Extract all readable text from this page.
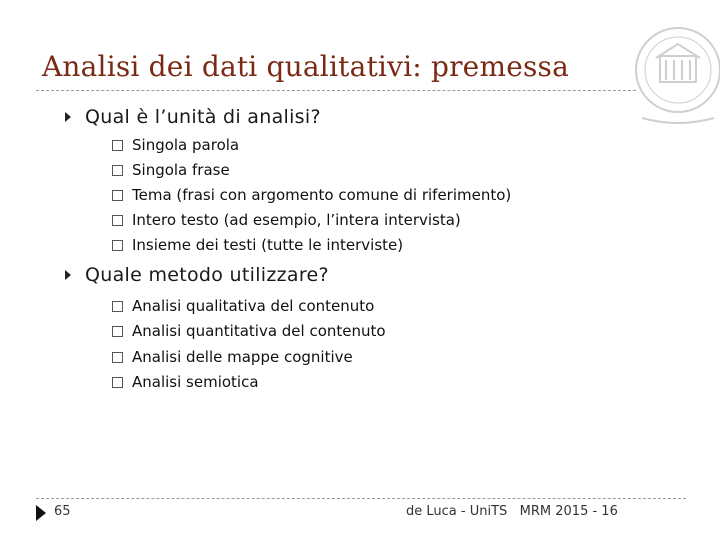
Analisi dei dati qualitativi: premessa
Qual è l’unità di analisi?
Singola parola
Singola frase
Tema (frasi con argomento comune di riferimento)
Intero testo (ad esempio, l’intera intervista)
Insieme dei testi (tutte le interviste)
Quale metodo utilizzare?
Analisi qualitativa del contenuto
Analisi quantitativa del contenuto
Analisi delle mappe cognitive
Analisi semiotica
65	de Luca - UniTS   MRM 2015 - 16
